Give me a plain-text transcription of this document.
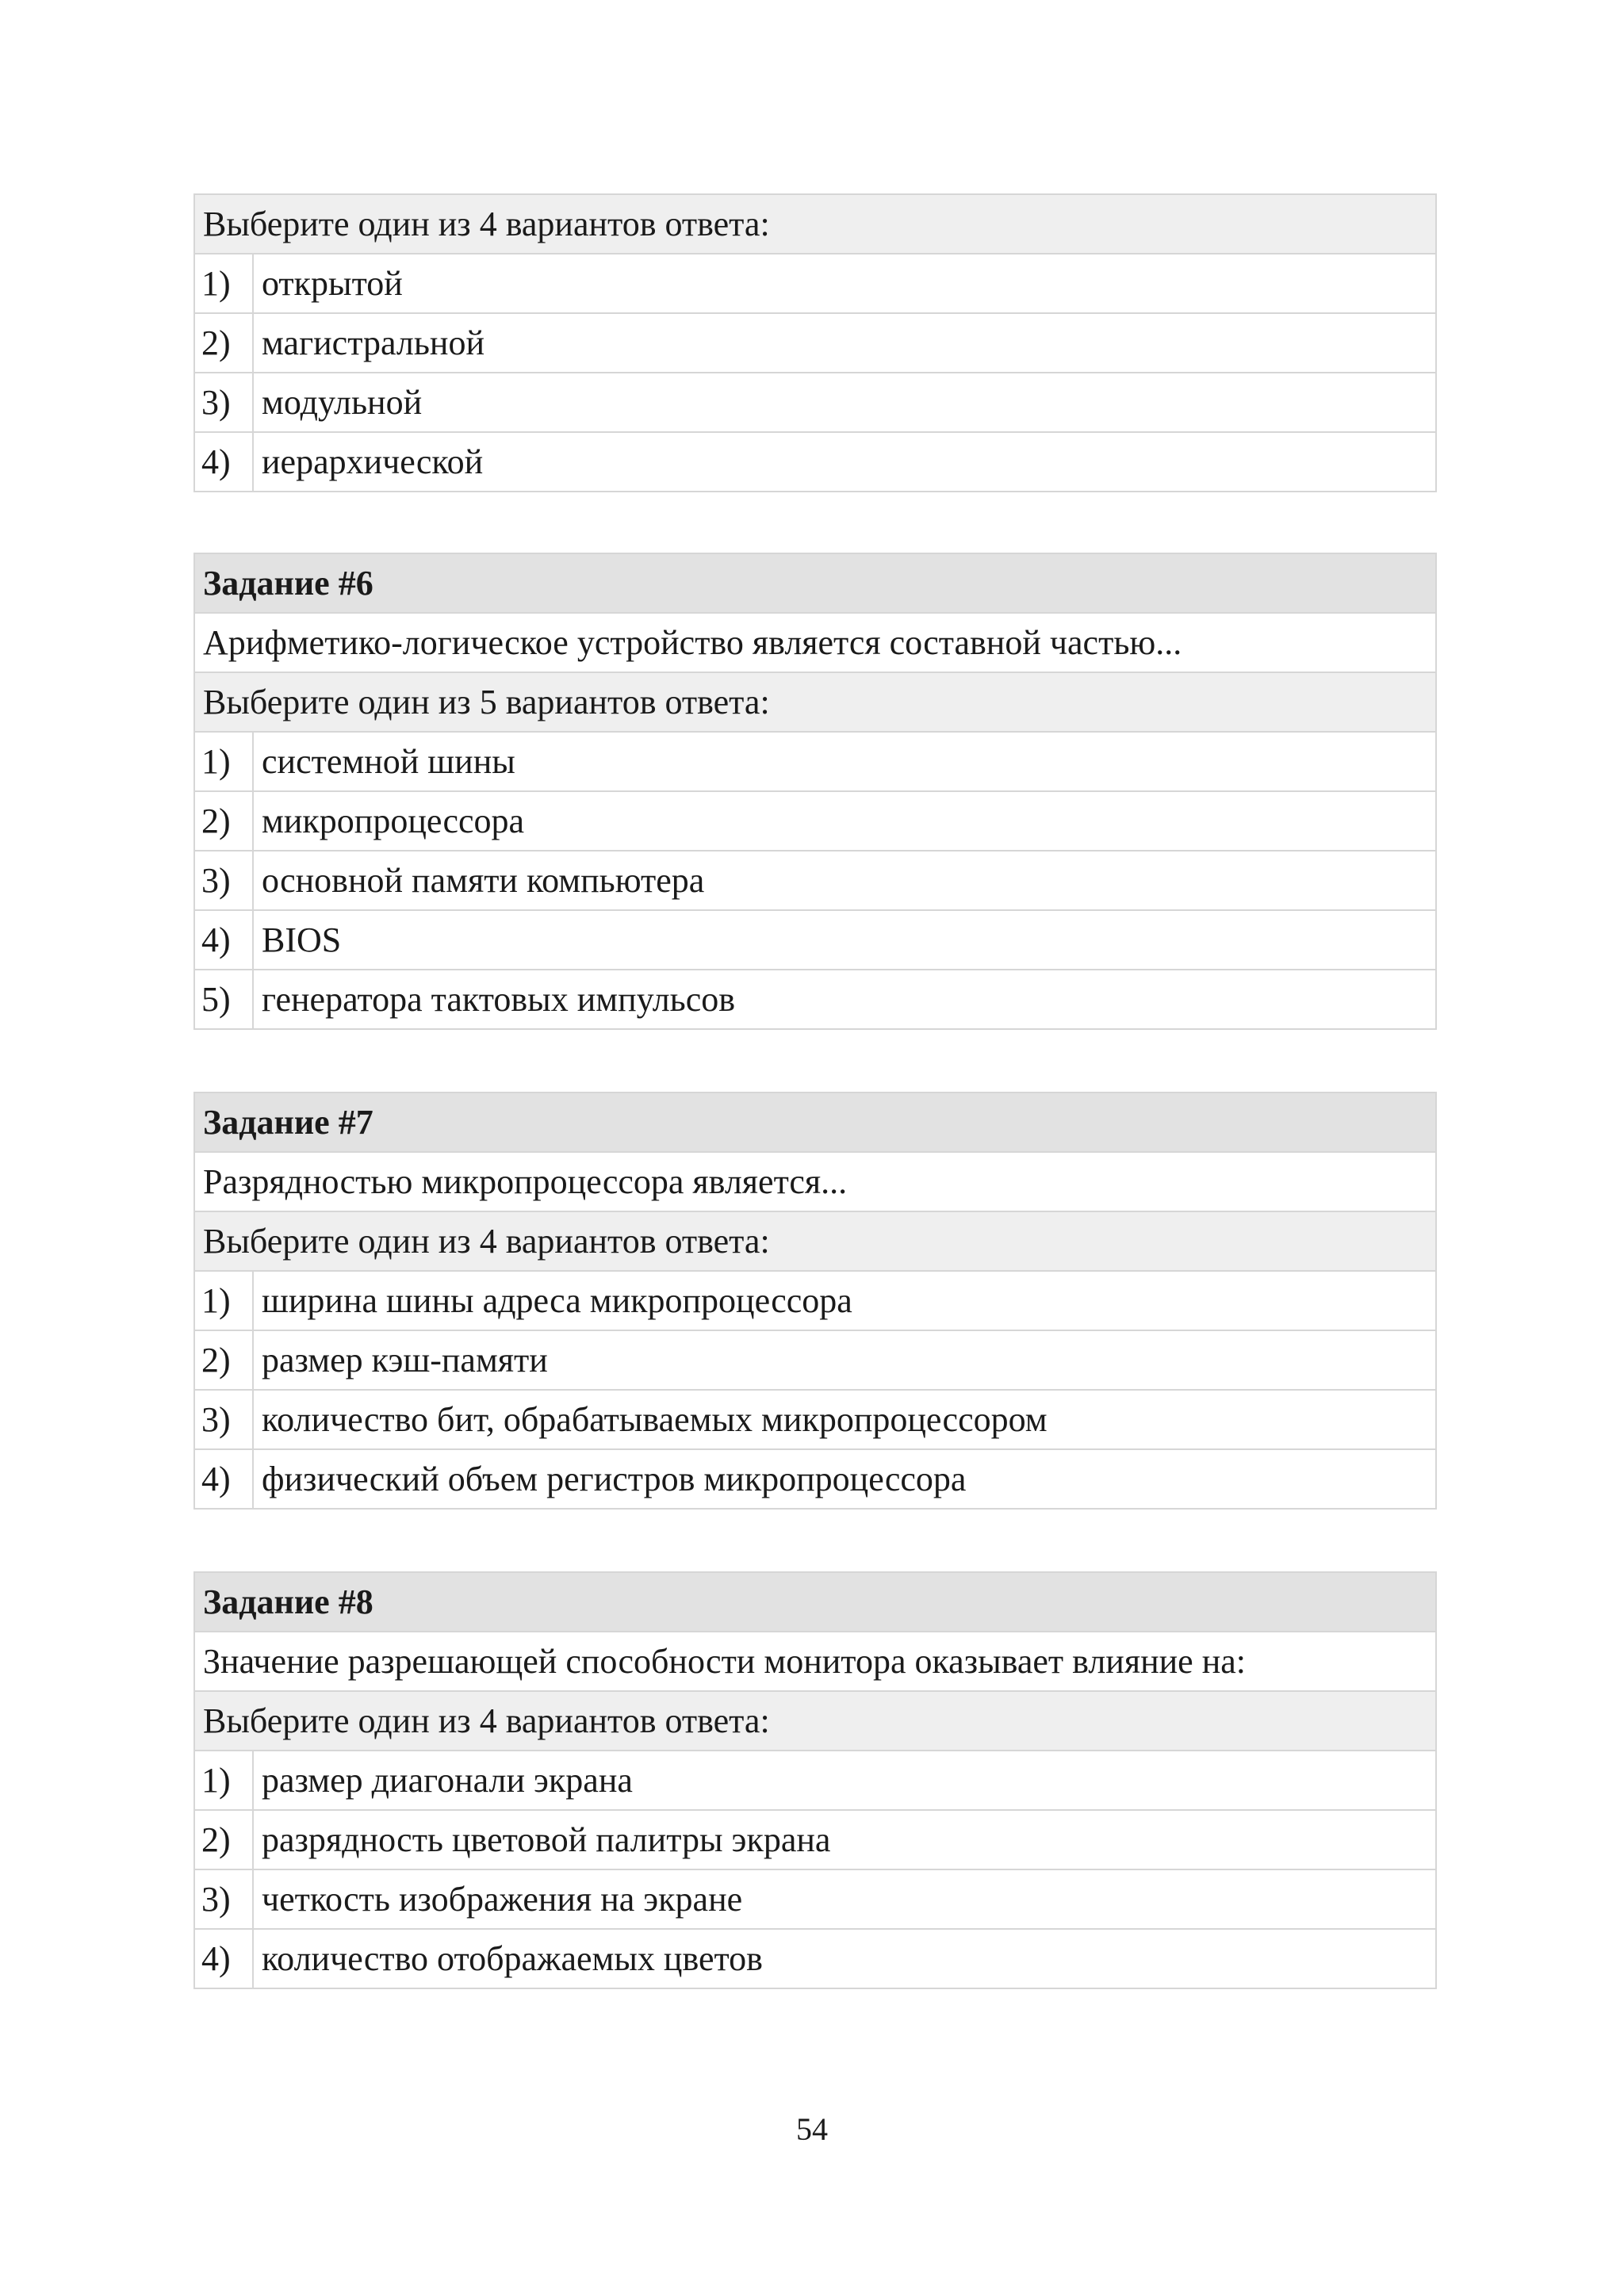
Выберите один из 4 вариантов ответа:	
1)	открытой
2)	магистральной
3)	модульной
4)	иерархической
Задание #6	
Арифметико-логическое устройство является составной частью...	
Выберите один из 5 вариантов ответа:	
1)	системной шины
2)	микропроцессора
3)	основной памяти компьютера
4)	BIOS
5)	генератора тактовых импульсов
Задание #7	
Разрядностью микропроцессора является...	
Выберите один из 4 вариантов ответа:	
1)	ширина шины адреса микропроцессора
2)	размер кэш-памяти
3)	количество бит, обрабатываемых микропроцессором
4)	физический объем регистров микропроцессора
Задание #8	
Значение разрешающей способности монитора оказывает влияние на:	
Выберите один из 4 вариантов ответа:	
1)	размер диагонали экрана
2)	разрядность цветовой палитры экрана
3)	четкость изображения на экране
4)	количество отображаемых цветов
54
